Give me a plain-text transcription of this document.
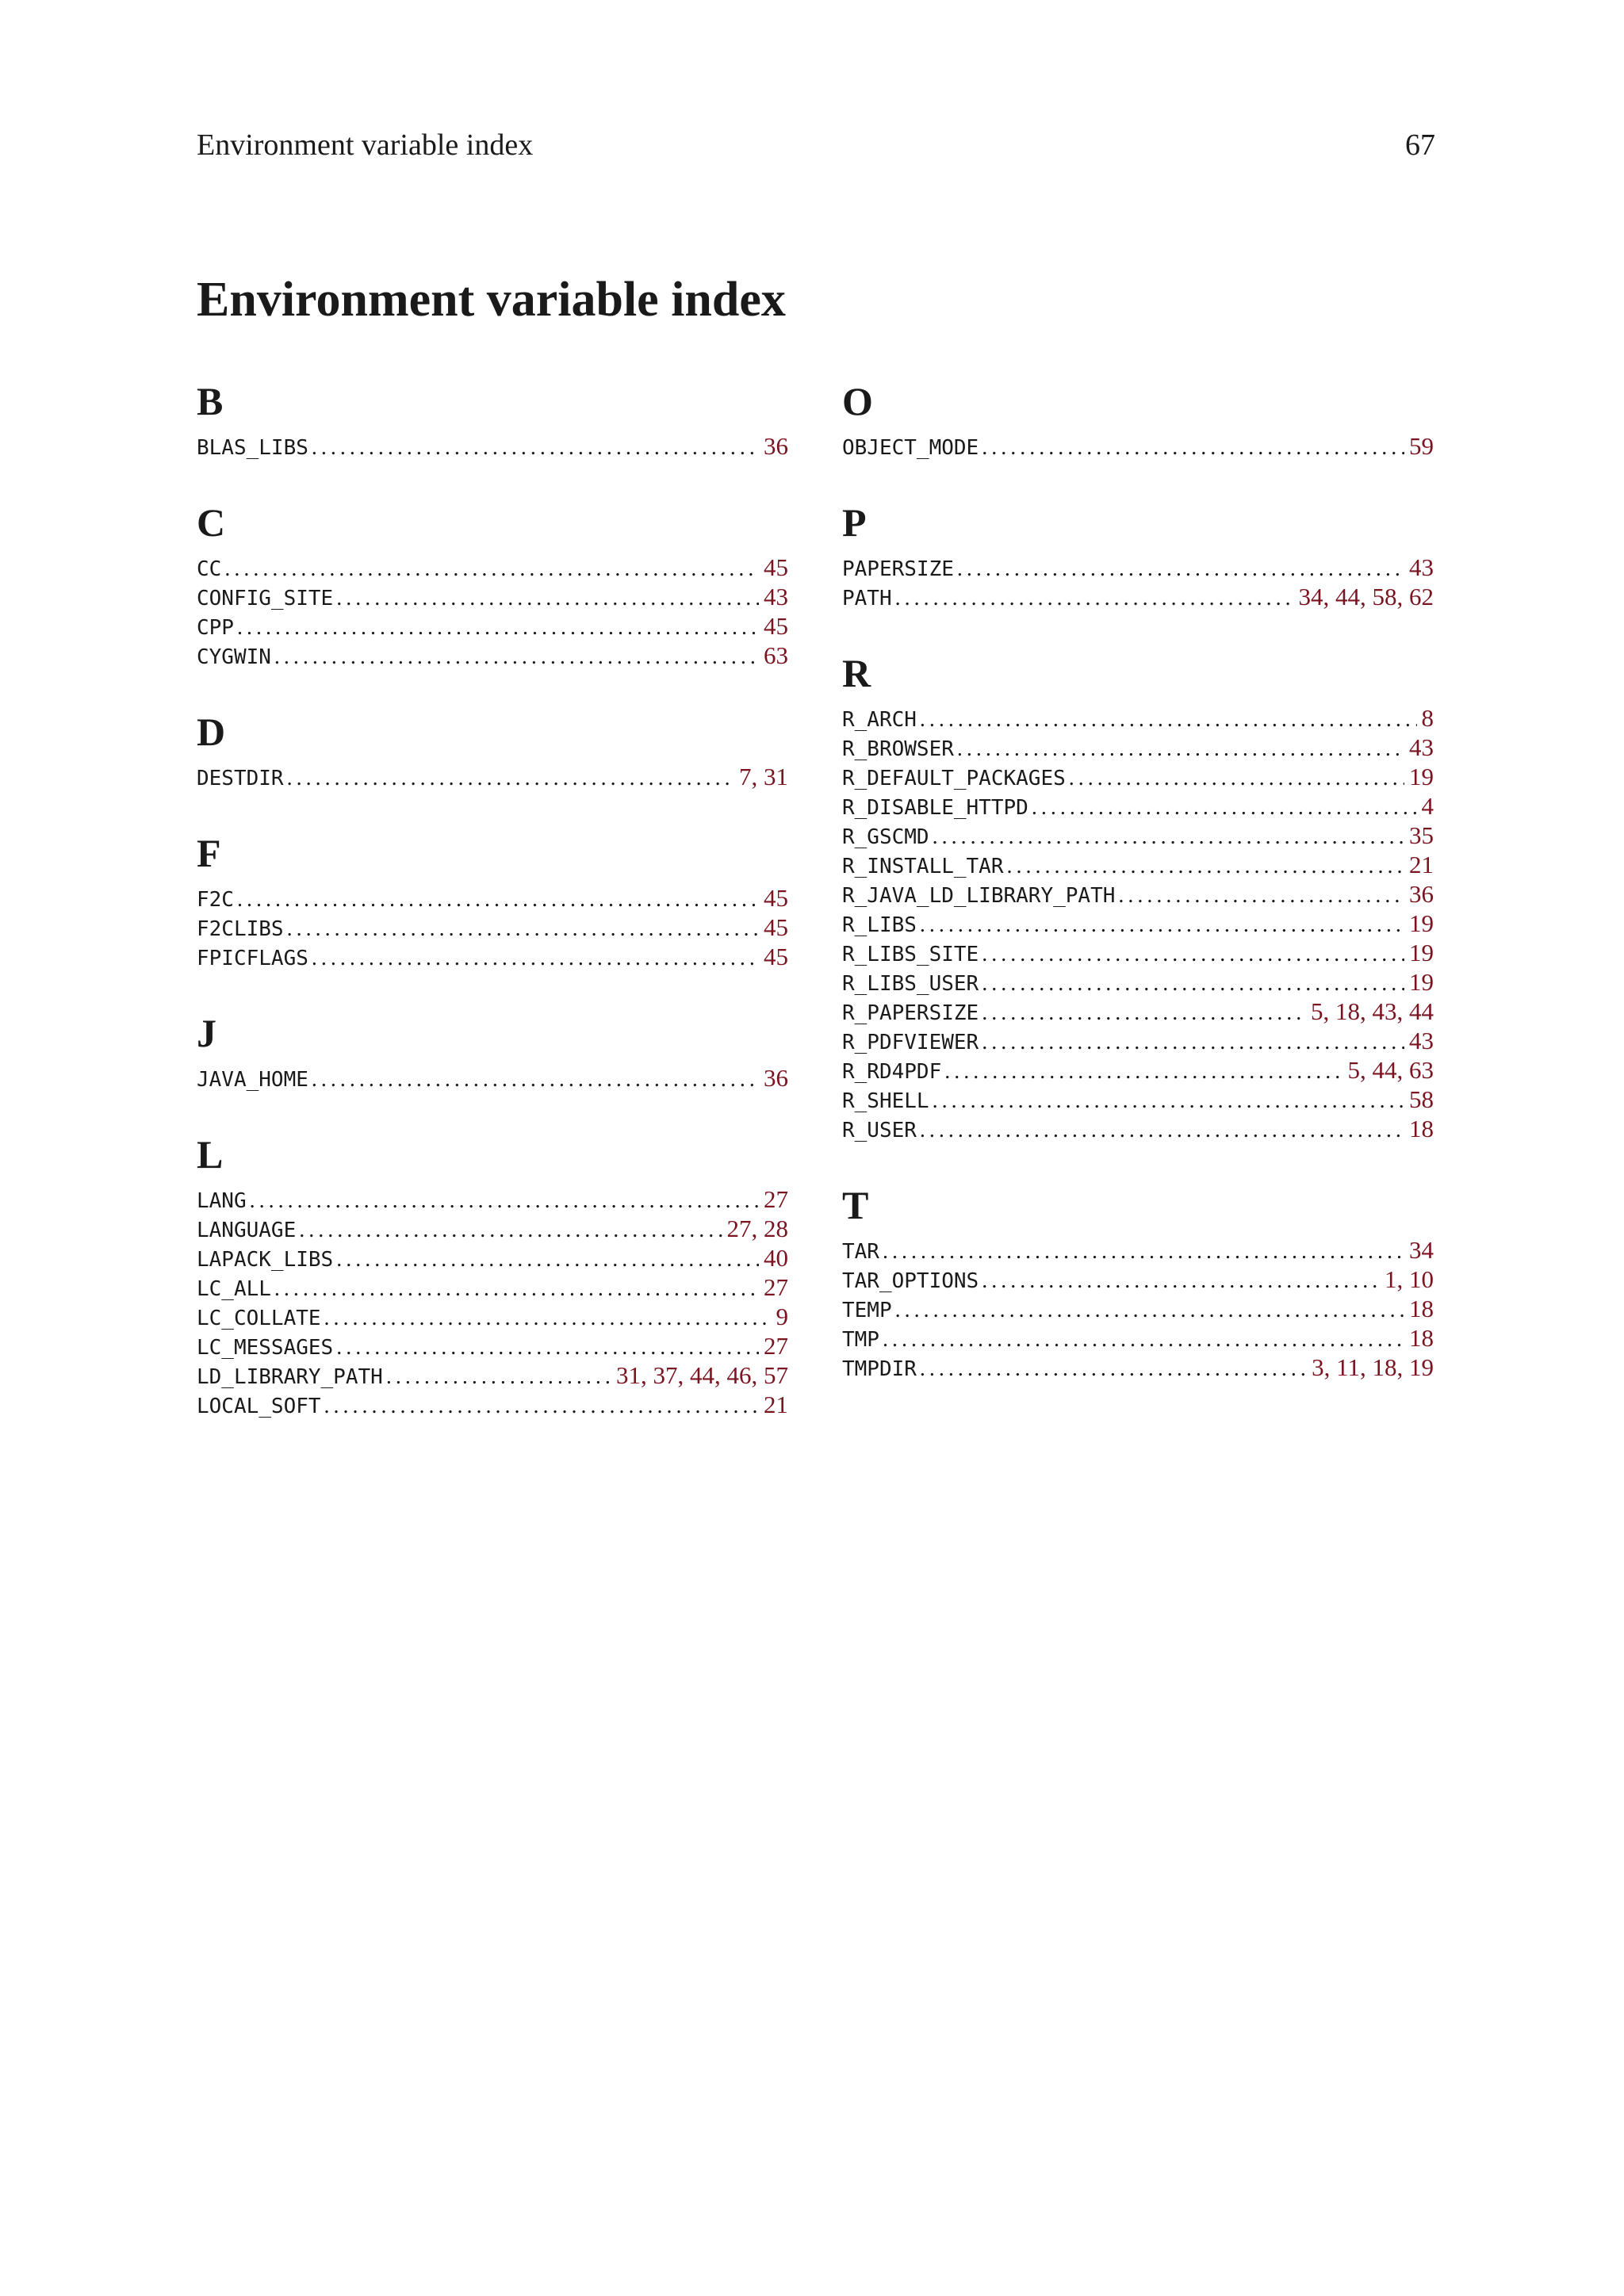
Environment variable index	67
Environment variable index
B
BLAS_LIBS .....	36
C
CC .....	45
CONFIG_SITE .....	43
CPP .....	45
CYGWIN .....	63
D
DESTDIR .....	7, 31
F
F2C .....	45
F2CLIBS .....	45
FPICFLAGS .....	45
J
JAVA_HOME .....	36
L
LANG .....	27
LANGUAGE .....	27, 28
LAPACK_LIBS .....	40
LC_ALL .....	27
LC_COLLATE .....	9
LC_MESSAGES .....	27
LD_LIBRARY_PATH .....	31, 37, 44, 46, 57
LOCAL_SOFT .....	21
O
OBJECT_MODE .....	59
P
PAPERSIZE .....	43
PATH .....	34, 44, 58, 62
R
R_ARCH .....	8
R_BROWSER .....	43
R_DEFAULT_PACKAGES .....	19
R_DISABLE_HTTPD .....	4
R_GSCMD .....	35
R_INSTALL_TAR .....	21
R_JAVA_LD_LIBRARY_PATH .....	36
R_LIBS .....	19
R_LIBS_SITE .....	19
R_LIBS_USER .....	19
R_PAPERSIZE .....	5, 18, 43, 44
R_PDFVIEWER .....	43
R_RD4PDF .....	5, 44, 63
R_SHELL .....	58
R_USER .....	18
T
TAR .....	34
TAR_OPTIONS .....	1, 10
TEMP .....	18
TMP .....	18
TMPDIR .....	3, 11, 18, 19
